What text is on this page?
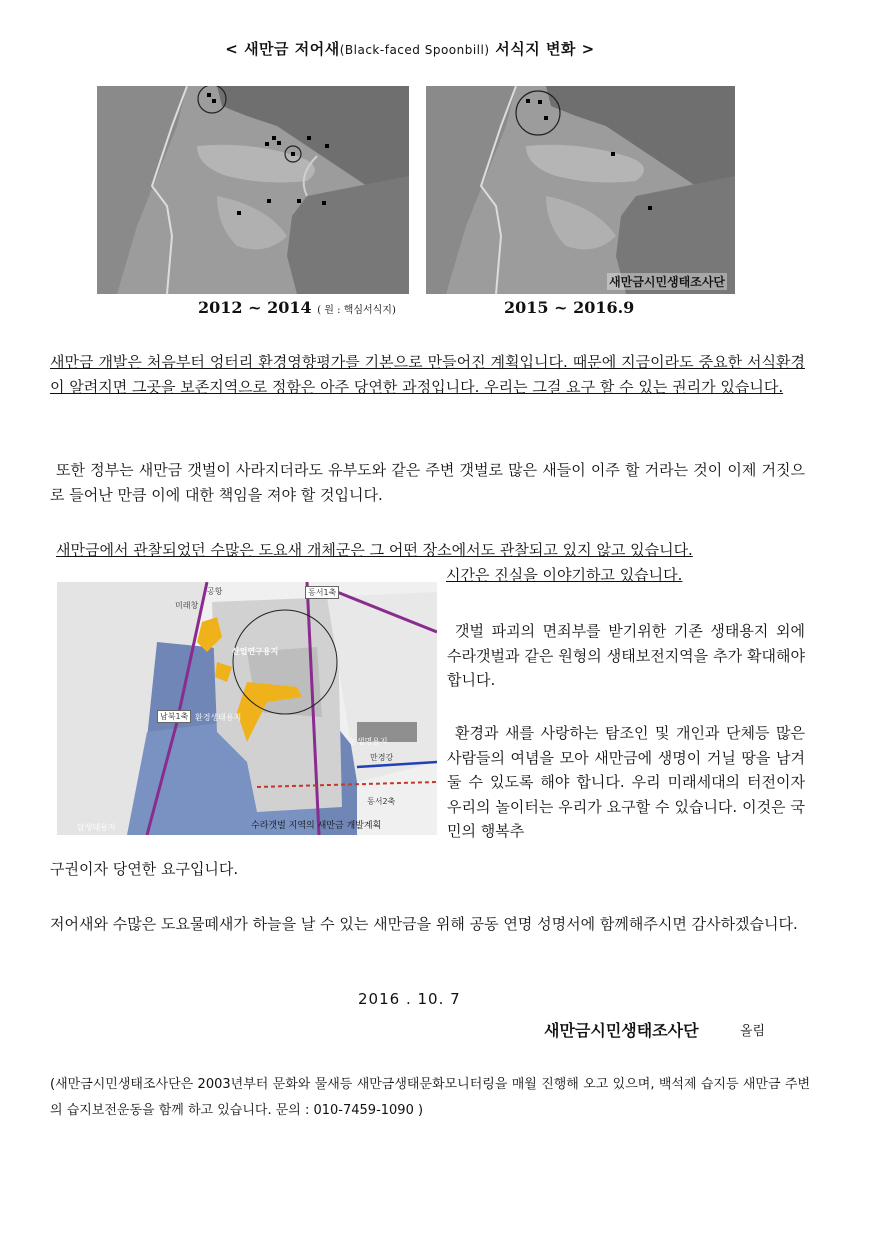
< 새만금 저어새(Black-faced Spoonbill) 서식지 변화 >
새만금시민생태조사단
2012 ~ 2014 ( 원 : 핵심서식지)	2015 ~ 2016.9
새만금 개발은 처음부터 엉터리 환경영향평가를 기본으로 만들어진 계획입니다. 때문에 지금이라도 중요한 서식환경이 알려지면 그곳을 보존지역으로 정함은 아주 당연한 과정입니다. 우리는 그걸 요구 할 수 있는 권리가 있습니다.
또한 정부는 새만금 갯벌이 사라지더라도 유부도와 같은 주변 갯벌로 많은 새들이 이주 할 거라는 것이 이제 거짓으로 들어난 만큼 이에 대한 책임을 져야 할 것입니다.
새만금에서 관찰되었던 수많은 도요새 개체군은 그 어떤 장소에서도 관찰되고 있지 않고 있습니다.
시간은 진실을 이야기하고 있습니다.
공항	동서1축
미래창
산업연구용지
남북1축 환경생태용지
농생명용지
만경강
동서2축
수라갯벌 지역의 새만금 개발계획
담생태용지
갯벌 파괴의 면죄부를 받기위한 기존 생태용지 외에 수라갯벌과 같은 원형의 생태보전지역을 추가 확대해야 합니다.
환경과 새를 사랑하는 탐조인 및 개인과 단체등 많은 사람들의 여념을 모아 새만금에 생명이 거닐 땅을 남겨둘 수 있도록 해야 합니다. 우리 미래세대의 터전이자 우리의 놀이터는 우리가 요구할 수 있습니다. 이것은 국민의 행복추
구권이자 당연한 요구입니다.
저어새와 수많은 도요물떼새가 하늘을 날 수 있는 새만금을 위해 공동 연명 성명서에 함께해주시면 감사하겠습니다.
2016 . 10. 7
새만금시민생태조사단	올림
(새만금시민생태조사단은 2003년부터 문화와 물새등 새만금생태문화모니터링을 매월 진행해 오고 있으며, 백석제 습지등 새만금 주변의 습지보전운동을 함께 하고 있습니다. 문의 : 010-7459-1090 )
